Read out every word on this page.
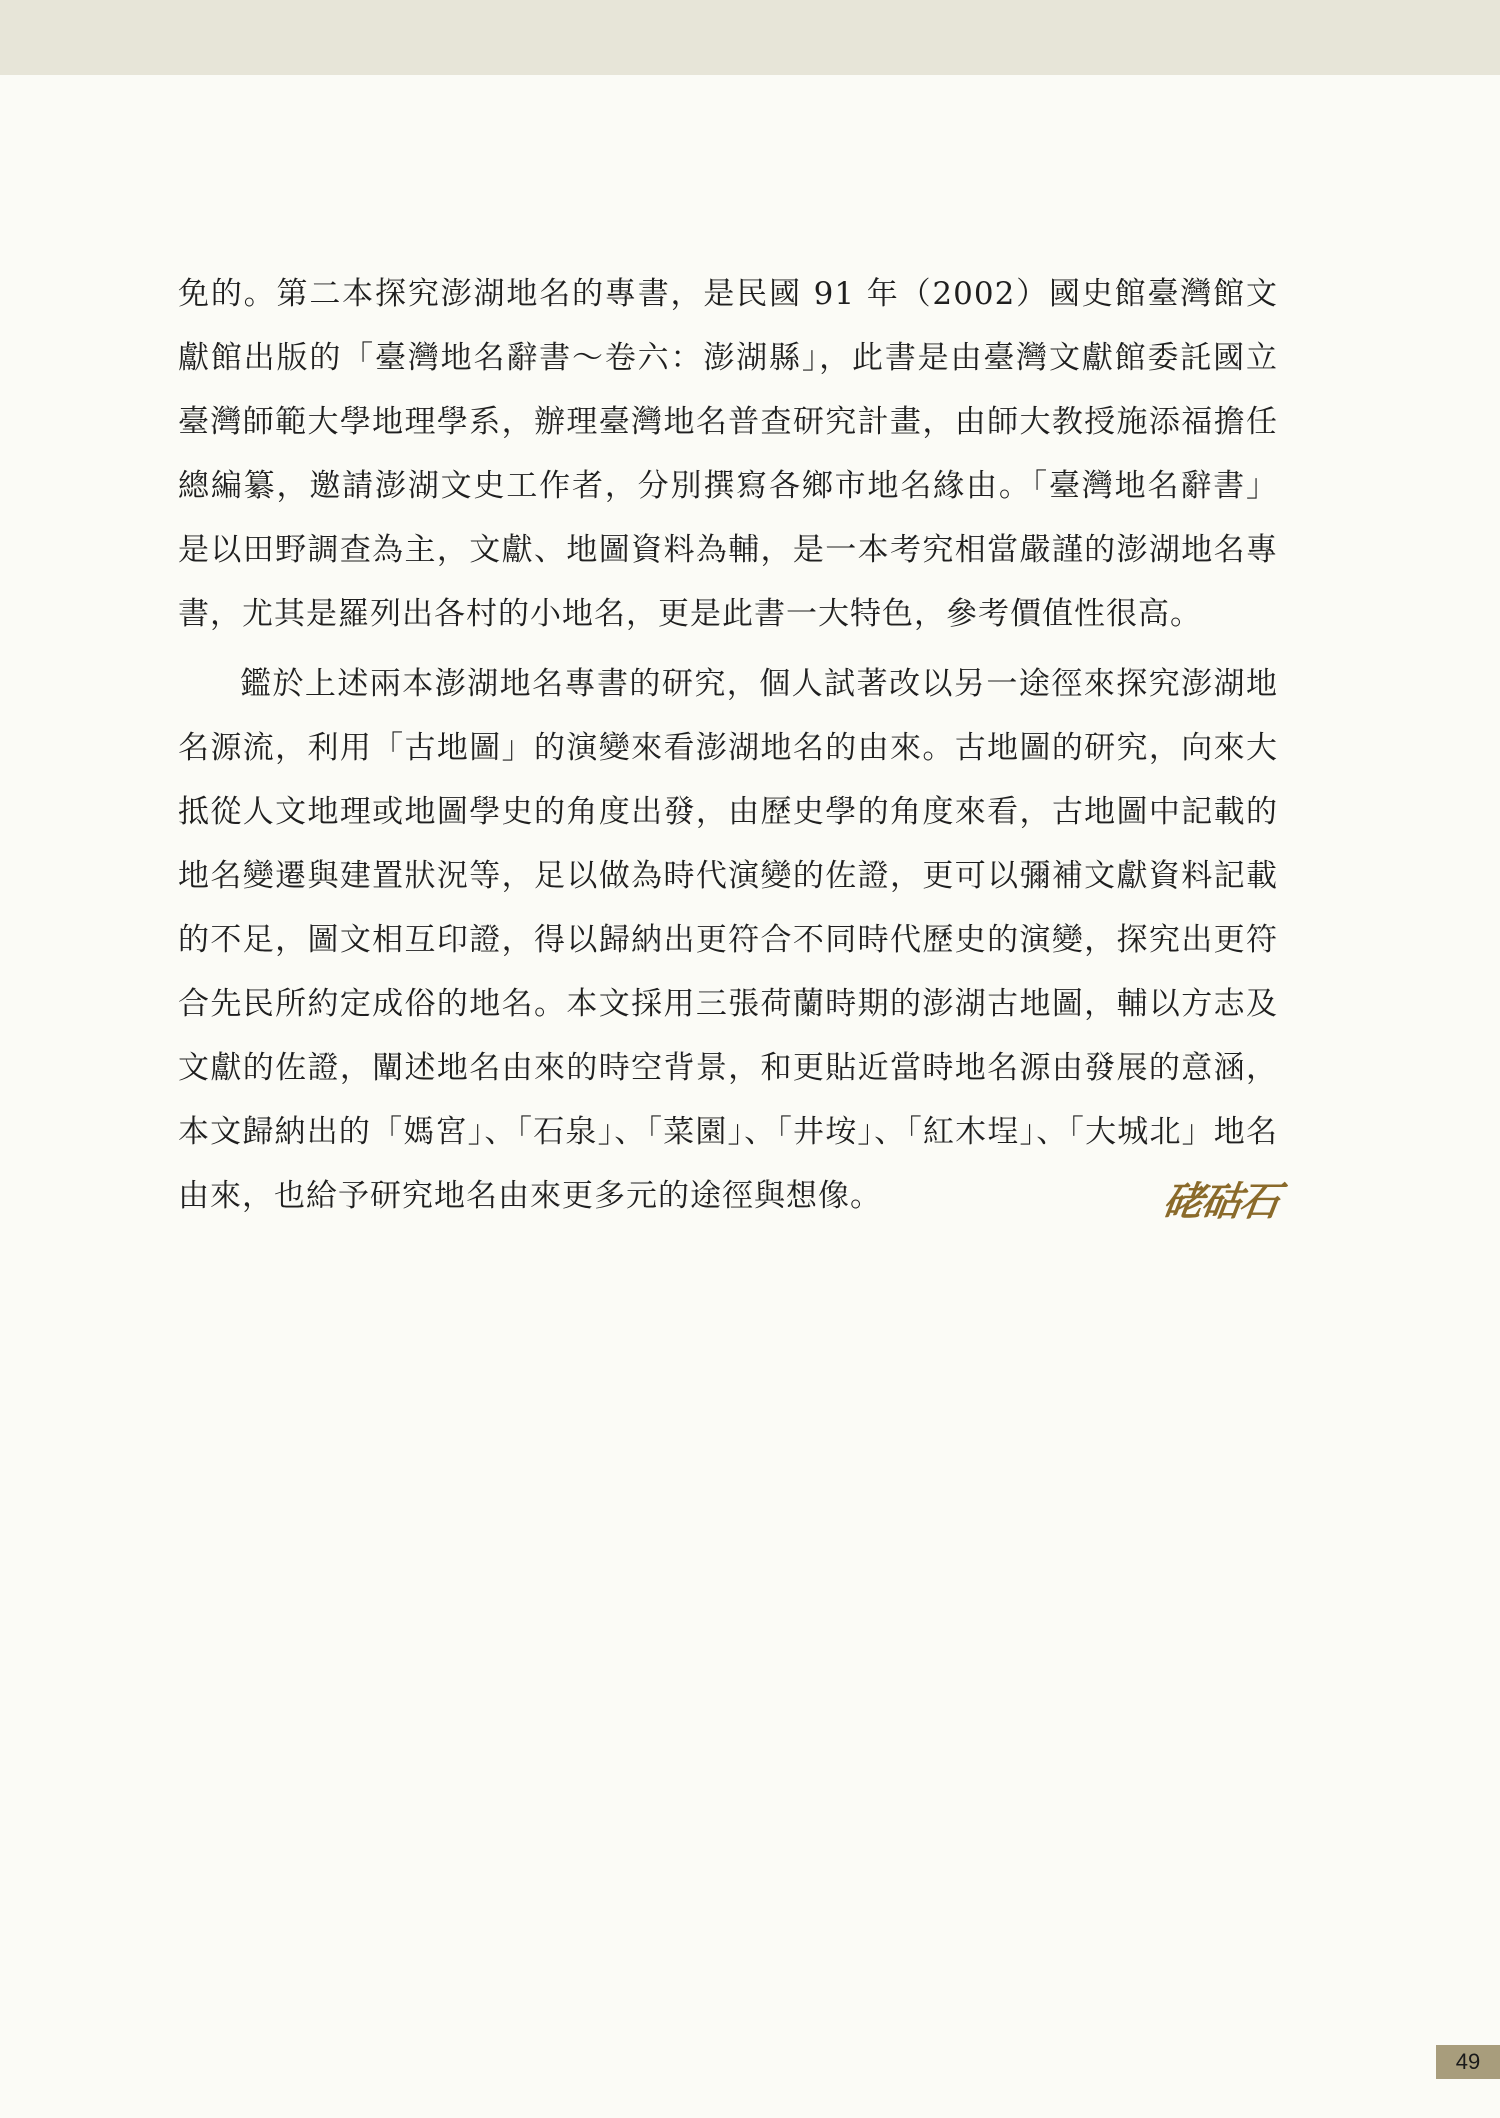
免的。第二本探究澎湖地名的專書，是民國 91 年（2002）國史館臺灣館文獻館出版的「臺灣地名辭書～卷六：澎湖縣」，此書是由臺灣文獻館委託國立臺灣師範大學地理學系，辦理臺灣地名普查研究計畫，由師大教授施添福擔任總編纂，邀請澎湖文史工作者，分別撰寫各鄉市地名緣由。「臺灣地名辭書」是以田野調查為主，文獻、地圖資料為輔，是一本考究相當嚴謹的澎湖地名專書，尤其是羅列出各村的小地名，更是此書一大特色，參考價值性很高。

鑑於上述兩本澎湖地名專書的研究，個人試著改以另一途徑來探究澎湖地名源流，利用「古地圖」的演變來看澎湖地名的由來。古地圖的研究，向來大抵從人文地理或地圖學史的角度出發，由歷史學的角度來看，古地圖中記載的地名變遷與建置狀況等，足以做為時代演變的佐證，更可以彌補文獻資料記載的不足，圖文相互印證，得以歸納出更符合不同時代歷史的演變，探究出更符合先民所約定成俗的地名。本文採用三張荷蘭時期的澎湖古地圖，輔以方志及文獻的佐證，闡述地名由來的時空背景，和更貼近當時地名源由發展的意涵，本文歸納出的「媽宮」、「石泉」、「菜園」、「井垵」、「紅木埕」、「大城北」地名由來，也給予研究地名由來更多元的途徑與想像。	硓𥑮石
49
